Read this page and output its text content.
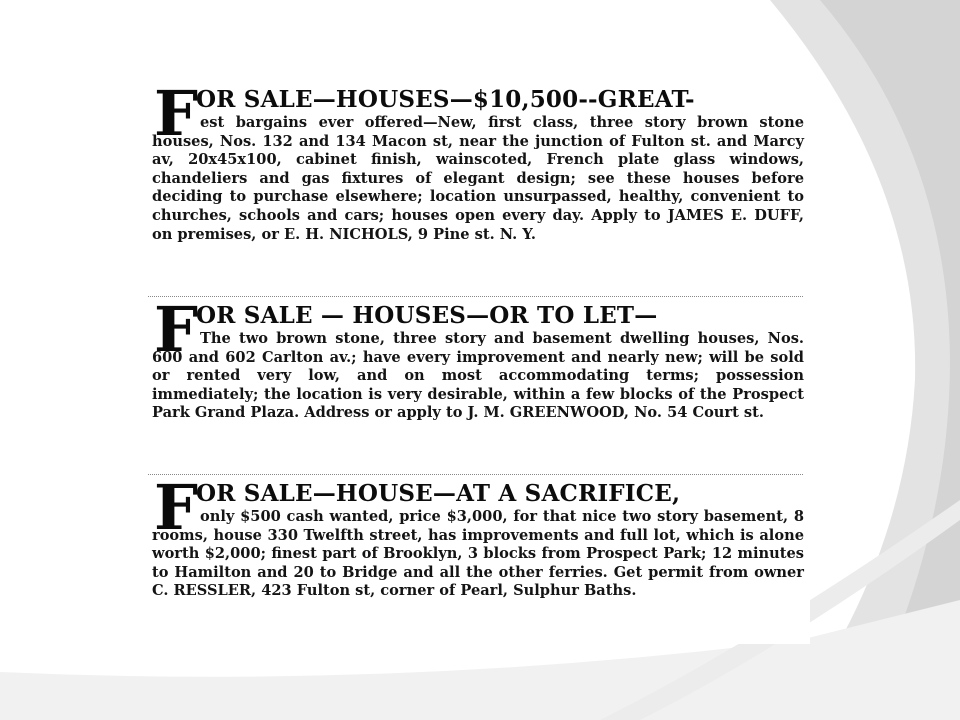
F
OR SALE—HOUSES—$10,500--GREAT-
est bargains ever offered—New, first class, three story brown stone houses, Nos. 132 and 134 Macon st, near the junction of Fulton st. and Marcy av, 20x45x100, cabinet finish, wainscoted, French plate glass windows, chandeliers and gas fixtures of elegant design; see these houses before deciding to purchase elsewhere; location unsurpassed, healthy, convenient to churches, schools and cars; houses open every day. Apply to JAMES E. DUFF, on premises, or E. H. NICHOLS, 9 Pine st. N. Y.
F
OR SALE — HOUSES—OR TO LET—
The two brown stone, three story and basement dwelling houses, Nos. 600 and 602 Carlton av.; have every improvement and nearly new; will be sold or rented very low, and on most accommodating terms; possession immediately; the location is very desirable, within a few blocks of the Prospect Park Grand Plaza. Address or apply to J. M. GREENWOOD, No. 54 Court st.
F
OR SALE—HOUSE—AT A SACRIFICE,
only $500 cash wanted, price $3,000, for that nice two story basement, 8 rooms, house 330 Twelfth street, has improvements and full lot, which is alone worth $2,000; finest part of Brooklyn, 3 blocks from Prospect Park; 12 minutes to Hamilton and 20 to Bridge and all the other ferries. Get permit from owner C. RESSLER, 423 Fulton st, corner of Pearl, Sulphur Baths.
